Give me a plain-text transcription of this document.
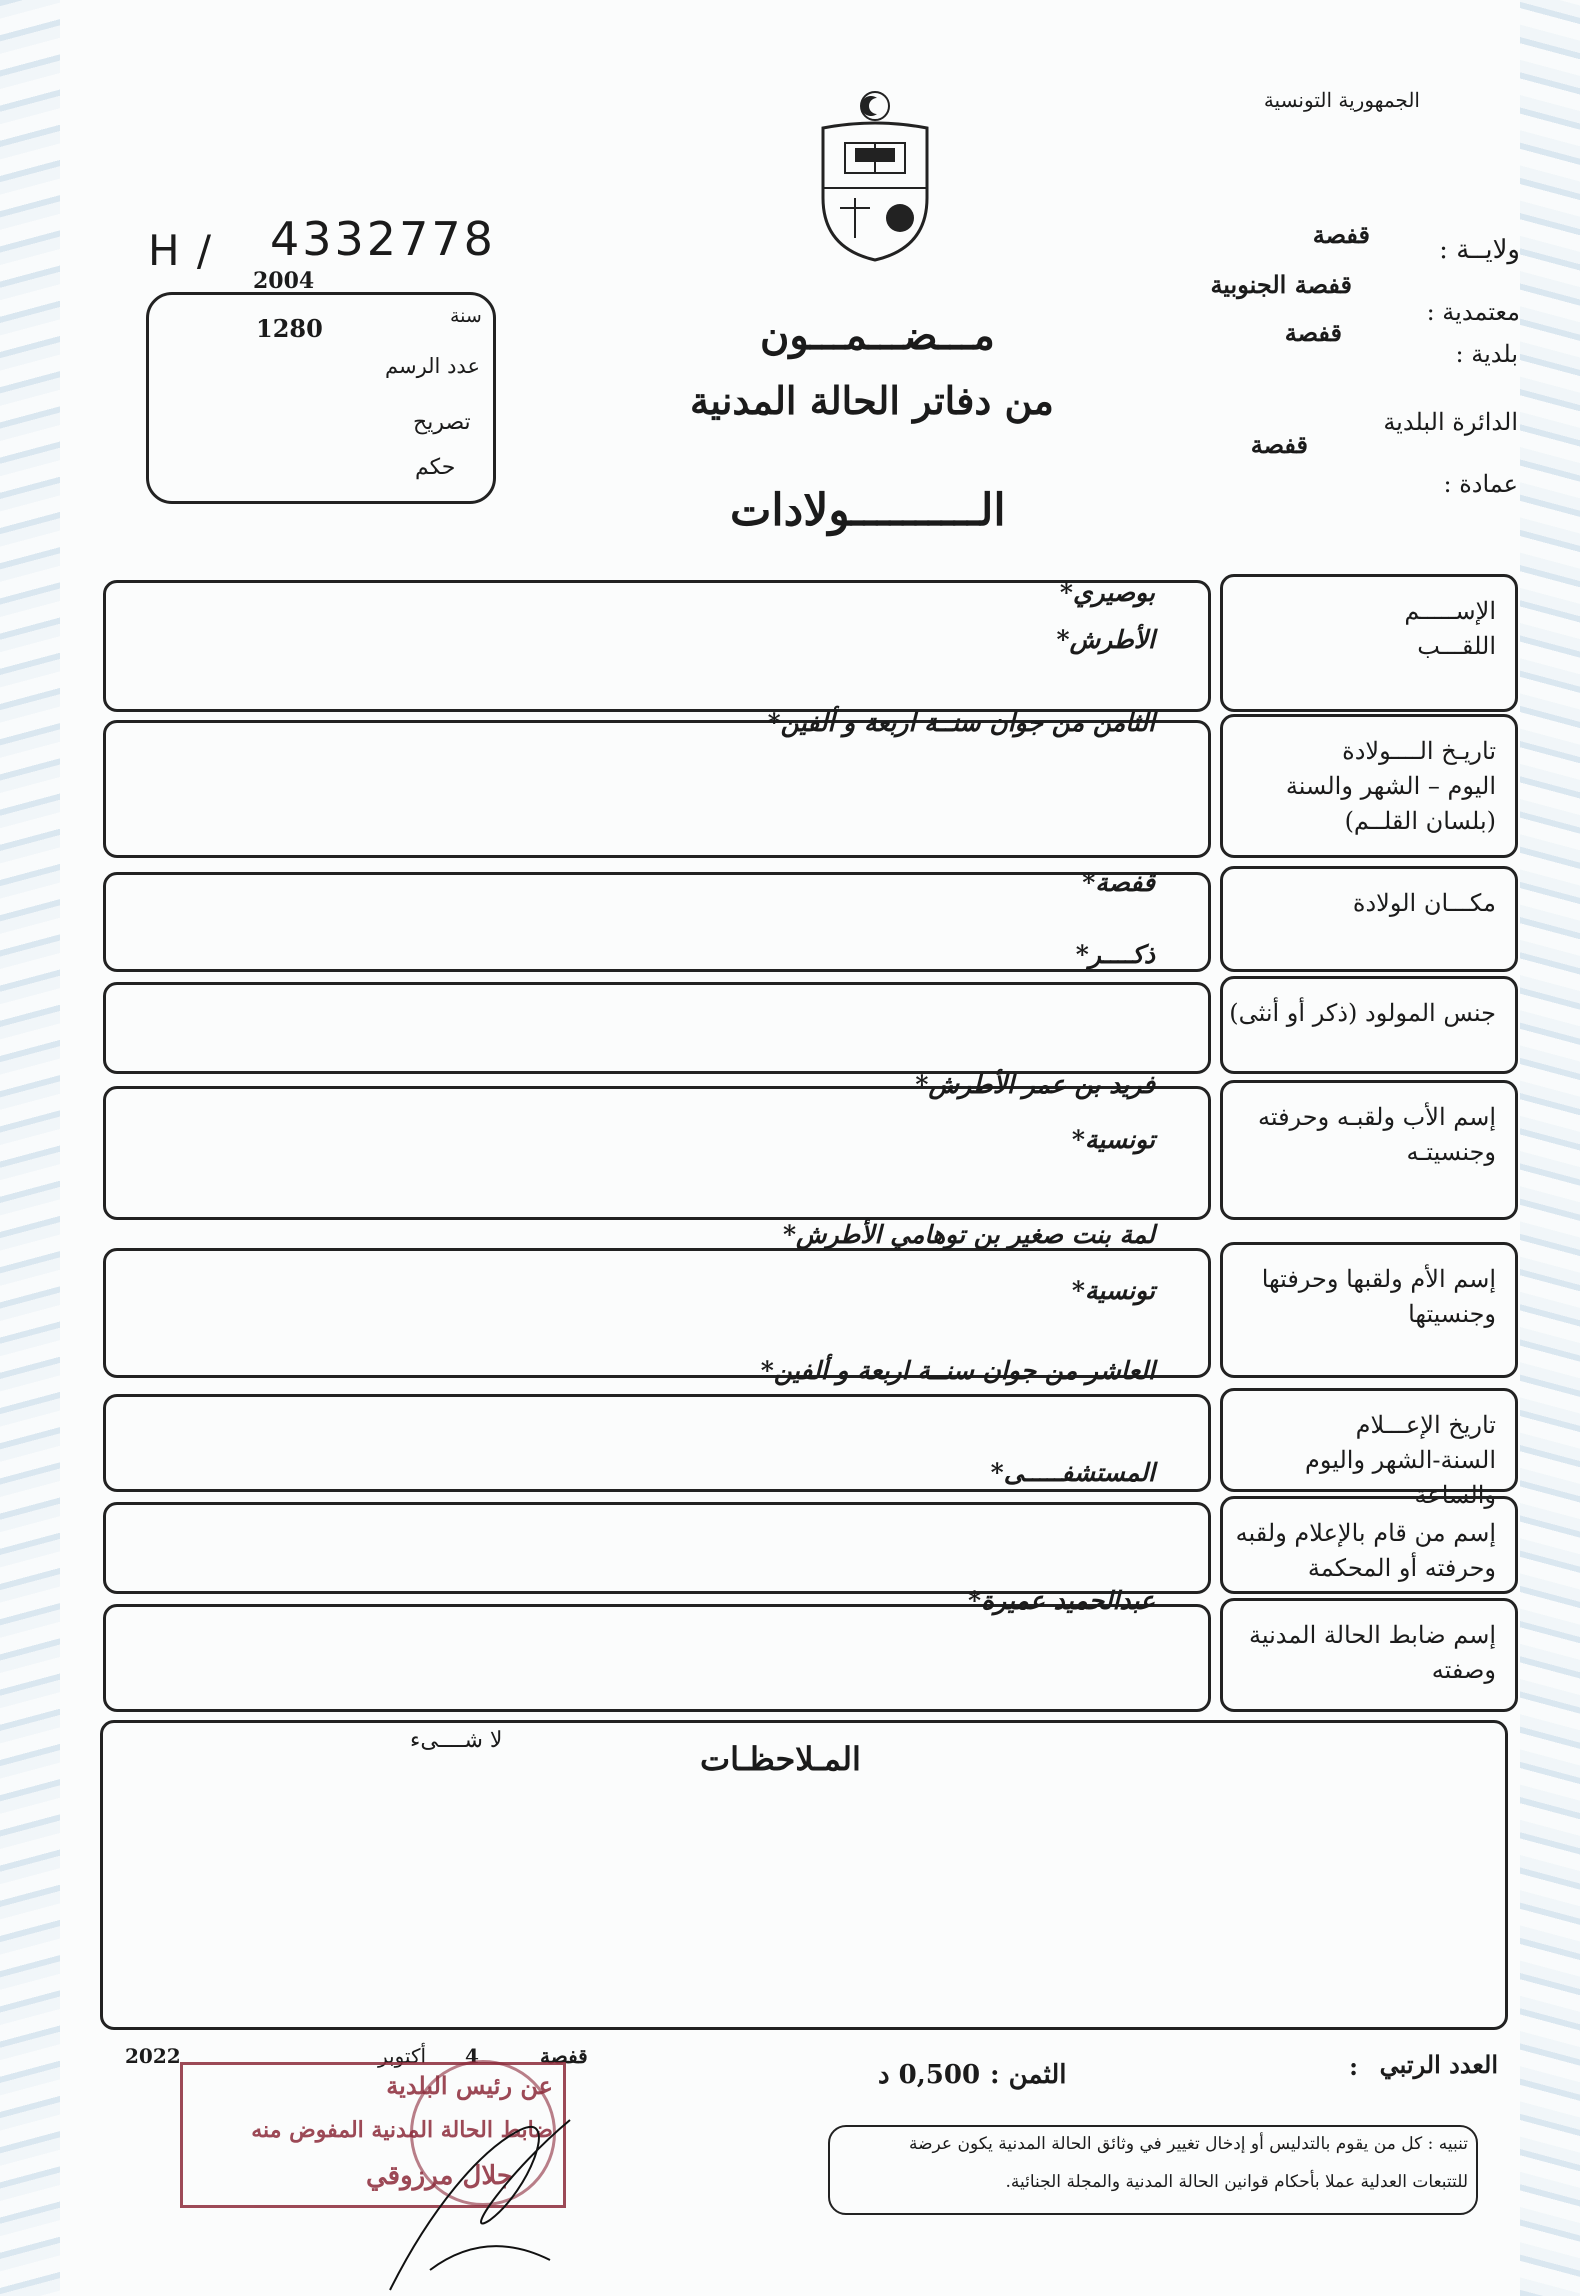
الجمهورية التونسية
ولايــة :
قفصة
معتمدية :
قفصة الجنوبية
بلدية :
قفصة
الدائرة البلدية
قفصة
عمادة :
H / 4332778
2004
سنة
1280
عدد الرسم
تصريح
حكم
مـــضـــمـــون
من دفاتر الحالة المدنية
الــــــــــولادات
الإســـــم
اللقـــب
بوصيري*
الأطرش*
تاريـخ الــــولادة
اليوم – الشهر والسنة
(بلسان القلــم)
الثامن من جوان سنــة اربعة و ألفين*
مكـــان الولادة
قفصة*
جنس المولود (ذكر أو أنثى)
ذكــــر*
إسم الأب ولقبـه وحرفته
وجنسيتـه
فريد بن عمر الأطرش*
تونسية*
إسم الأم ولقبها وحرفتها
وجنسيتها
لمة بنت صغير بن توهامي الأطرش*
تونسية*
تاريخ الإعـــلام
السنة-الشهر واليوم والساعة
العاشر من جوان سنــة اربعة و ألفين*
إسم من قام بالإعلام ولقبه
وحرفته أو المحكمة
المستشفـــــى*
إسم ضابط الحالة المدنية
وصفته
عبدالحميد عميرة*
المـلاحظـات
لا شــــىء
العدد الرتبي
:
الثمن :
0,500 د
قفصة
4
أكتوبر
2022
تنبيه : كل من يقوم بالتدليس أو إدخال تغيير في وثائق الحالة المدنية يكون عرضة
للتتبعات العدلية عملا بأحكام قوانين الحالة المدنية والمجلة الجنائية.
عن رئيس البلدية
ضابط الحالة المدنية المفوض منه
جلال مرزوقي
